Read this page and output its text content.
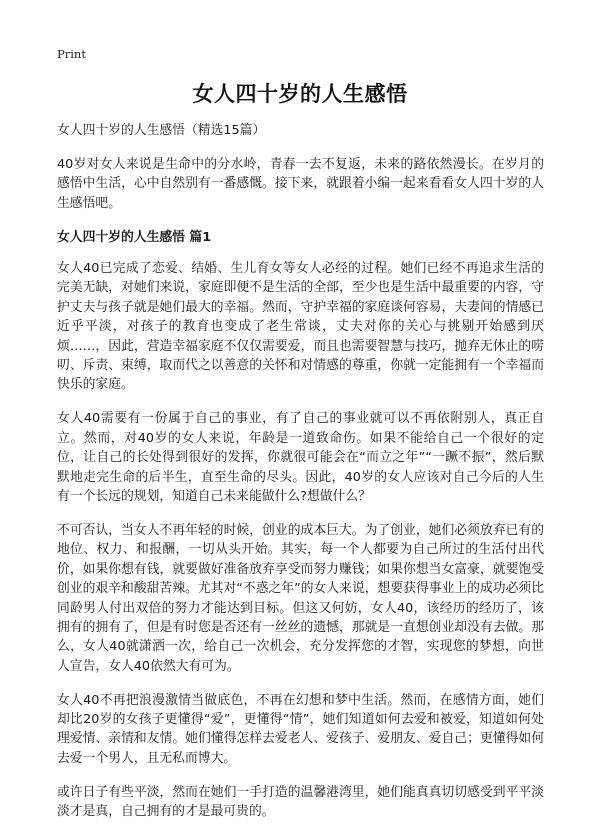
Print
女人四十岁的人生感悟

女人四十岁的人生感悟（精选15篇）

40岁对女人来说是生命中的分水岭，青春一去不复返，未来的路依然漫长。在岁月的感悟中生活，心中自然别有一番感慨。接下来，就跟着小编一起来看看女人四十岁的人生感悟吧。

女人四十岁的人生感悟 篇1

女人40已完成了恋爱、结婚、生儿育女等女人必经的过程。她们已经不再追求生活的完美无缺，对她们来说，家庭即便不是生活的全部，至少也是生活中最重要的内容，守护丈夫与孩子就是她们最大的幸福。然而，守护幸福的家庭谈何容易，夫妻间的情感已近乎平淡，对孩子的教育也变成了老生常谈，丈夫对你的关心与挑剔开始感到厌烦……，因此，营造幸福家庭不仅仅需要爱，而且也需要智慧与技巧，抛弃无休止的唠叨、斥责、束缚，取而代之以善意的关怀和对情感的尊重，你就一定能拥有一个幸福而快乐的家庭。

女人40需要有一份属于自己的事业，有了自己的事业就可以不再依附别人，真正自立。然而，对40岁的女人来说，年龄是一道致命伤。如果不能给自己一个很好的定位，让自己的长处得到很好的发挥，你就很可能会在“而立之年”“一蹶不振”，然后默默地走完生命的后半生，直至生命的尽头。因此，40岁的女人应该对自己今后的人生有一个长远的规划，知道自己未来能做什么?想做什么？

不可否认，当女人不再年轻的时候，创业的成本巨大。为了创业，她们必须放弃已有的地位、权力、和报酬，一切从头开始。其实，每一个人都要为自己所过的生活付出代价，如果你想有钱，就要做好准备放弃享受而努力赚钱；如果你想当女富豪，就要饱受创业的艰辛和酸甜苦辣。尤其对“不惑之年”的女人来说，想要获得事业上的成功必须比同龄男人付出双倍的努力才能达到目标。但这又何妨，女人40，该经历的经历了，该拥有的拥有了，但是有时您是否还有一丝丝的遗憾，那就是一直想创业却没有去做。那么，女人40就潇洒一次，给自己一次机会，充分发挥您的才智，实现您的梦想，向世人宣告，女人40依然大有可为。

女人40不再把浪漫激情当做底色，不再在幻想和梦中生活。然而，在感情方面，她们却比20岁的女孩子更懂得“爱”，更懂得“情”，她们知道如何去爱和被爱，知道如何处理爱情、亲情和友情。她们懂得怎样去爱老人、爱孩子、爱朋友、爱自己；更懂得如何去爱一个男人，且无私而博大。

或许日子有些平淡，然而在她们一手打造的温馨港湾里，她们能真真切切感受到平平淡淡才是真，自己拥有的才是最可贵的。
